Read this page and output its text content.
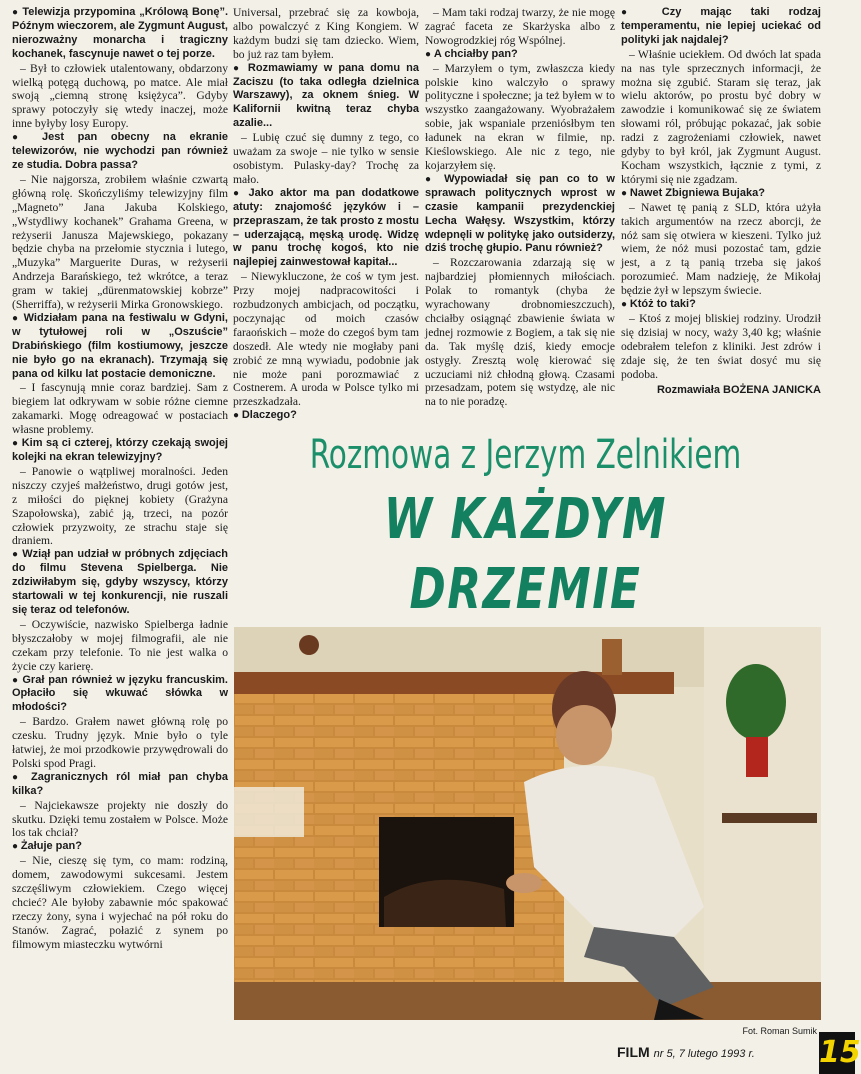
● Telewizja przypomina „Królową Bonę”. Późnym wieczorem, ale Zygmunt August, nierozważny monarcha i tragiczny kochanek, fascynuje nawet o tej porze.

– Był to człowiek utalentowany, obdarzony wielką potęgą duchową, po matce. Ale miał swoją „ciemną stronę księżyca”. Gdyby sprawy potoczyły się wtedy inaczej, może inne byłyby losy Europy.

● Jest pan obecny na ekranie telewizorów, nie wychodzi pan również ze studia. Dobra passa?

– Nie najgorsza, zrobiłem właśnie czwartą główną rolę. Skończyliśmy telewizyjny film „Magneto” Jana Jakuba Kolskiego, „Wstydliwy kochanek” Grahama Greena, w reżyserii Janusza Majewskiego, pokazany będzie chyba na przełomie stycznia i lutego, „Muzyka” Marguerite Duras, w reżyserii Andrzeja Barańskiego, też wkrótce, a teraz gram w takiej „dürenmatowskiej kobrze” (Sherriffa), w reżyserii Mirka Gronowskiego.

● Widziałam pana na festiwalu w Gdyni, w tytułowej roli w „Oszuście” Drabińskiego (film kostiumowy, jeszcze nie było go na ekranach). Trzymają się pana od kilku lat postacie demoniczne.

– I fascynują mnie coraz bardziej. Sam z biegiem lat odkrywam w sobie różne ciemne zakamarki. Mogę odreagować w postaciach własne problemy.

● Kim są ci czterej, którzy czekają swojej kolejki na ekran telewizyjny?

– Panowie o wątpliwej moralności. Jeden niszczy czyjeś małżeństwo, drugi gotów jest, z miłości do pięknej kobiety (Grażyna Szapołowska), zabić ją, trzeci, na pozór człowiek przyzwoity, ze strachu staje się draniem.

● Wziął pan udział w próbnych zdjęciach do filmu Stevena Spielberga. Nie zdziwiłabym się, gdyby wszyscy, którzy startowali w tej konkurencji, nie ruszali się teraz od telefonów.

– Oczywiście, nazwisko Spielberga ładnie błyszczałoby w mojej filmografii, ale nie czekam przy telefonie. To nie jest walka o życie czy karierę.

● Grał pan również w języku francuskim. Opłaciło się wkuwać słówka w młodości?

– Bardzo. Grałem nawet główną rolę po czesku. Trudny język. Mnie było o tyle łatwiej, że moi przodkowie przywędrowali do Polski spod Pragi.

● Zagranicznych ról miał pan chyba kilka?

– Najciekawsze projekty nie doszły do skutku. Dzięki temu zostałem w Polsce. Może los tak chciał?

● Żałuje pan?

– Nie, cieszę się tym, co mam: rodziną, domem, zawodowymi sukcesami. Jestem szczęśliwym człowiekiem. Czego więcej chcieć? Ale byłoby zabawnie móc spakować rzeczy żony, syna i wyjechać na pół roku do Stanów. Zagrać, połazić z synem po filmowym miasteczku wytwórni

Universal, przebrać się za kowboja, albo powalczyć z King Kongiem. W każdym budzi się tam dziecko. Wiem, bo już raz tam byłem.

● Rozmawiamy w pana domu na Zaciszu (to taka odległa dzielnica Warszawy), za oknem śnieg. W Kalifornii kwitną teraz chyba azalie...

– Lubię czuć się dumny z tego, co uważam za swoje – nie tylko w sensie osobistym. Pulasky-day? Trochę za mało.

● Jako aktor ma pan dodatkowe atuty: znajomość języków i – przepraszam, że tak prosto z mostu – uderzającą, męską urodę. Widzę w panu trochę kogoś, kto nie najlepiej zainwestował kapitał...

– Niewykluczone, że coś w tym jest. Przy mojej nadpracowitości i rozbudzonych ambicjach, od początku, poczynając od moich czasów faraońskich – może do czegoś bym tam doszedł. Ale wtedy nie mogłaby pani zrobić ze mną wywiadu, podobnie jak nie może pani porozmawiać z Costnerem. A uroda w Polsce tylko mi przeszkadzała.

● Dlaczego?

– Mam taki rodzaj twarzy, że nie mogę zagrać faceta ze Skarżyska albo z Nowogrodzkiej róg Wspólnej.

● A chciałby pan?

– Marzyłem o tym, zwłaszcza kiedy polskie kino walczyło o sprawy polityczne i społeczne; ja też byłem w to wszystko zaangażowany. Wyobrażałem sobie, jak wspaniale przeniósłbym ten ładunek na ekran w filmie, np. Kieślowskiego. Ale nic z tego, nie kojarzyłem się.

● Wypowiadał się pan co to w sprawach politycznych wprost w czasie kampanii prezydenckiej Lecha Wałęsy. Wszystkim, którzy wdepnęli w politykę jako outsiderzy, dziś trochę głupio. Panu również?

– Rozczarowania zdarzają się w najbardziej płomiennych miłościach. Polak to romantyk (chyba że wyrachowany drobnomieszczuch), chciałby osiągnąć zbawienie świata w jednej rozmowie z Bogiem, a tak się nie da. Tak myślę dziś, kiedy emocje ostygły. Zresztą wolę kierować się uczuciami niż chłodną głową. Czasami przesadzam, potem się wstydzę, ale nic na to nie poradzę.

● Czy mając taki rodzaj temperamentu, nie lepiej uciekać od polityki jak najdalej?

– Właśnie uciekłem. Od dwóch lat spada na nas tyle sprzecznych informacji, że można się zgubić. Staram się teraz, jak wielu aktorów, po prostu być dobry w zawodzie i komunikować się ze światem słowami ról, próbując pokazać, jak sobie radzi z zagrożeniami człowiek, nawet gdyby to był król, jak Zygmunt August. Kocham wszystkich, łącznie z tymi, z którymi się nie zgadzam.

● Nawet Zbigniewa Bujaka?

– Nawet tę panią z SLD, która użyła takich argumentów na rzecz aborcji, że nóż sam się otwiera w kieszeni. Tylko już wiem, że nóż musi pozostać tam, gdzie jest, a z tą panią trzeba się jakoś porozumieć. Mam nadzieję, że Mikołaj będzie żył w lepszym świecie.

● Któż to taki?

– Ktoś z mojej bliskiej rodziny. Urodził się dzisiaj w nocy, waży 3,40 kg; właśnie odebrałem telefon z kliniki. Jest zdrów i zdaje się, że ten świat dosyć mu się podoba.

Rozmawiała BOŻENA JANICKA

Rozmowa z Jerzym Zelnikiem
W KAŻDYM
DRZEMIE
Fot. Roman Sumik
FILM nr 5, 7 lutego 1993 r. 15
